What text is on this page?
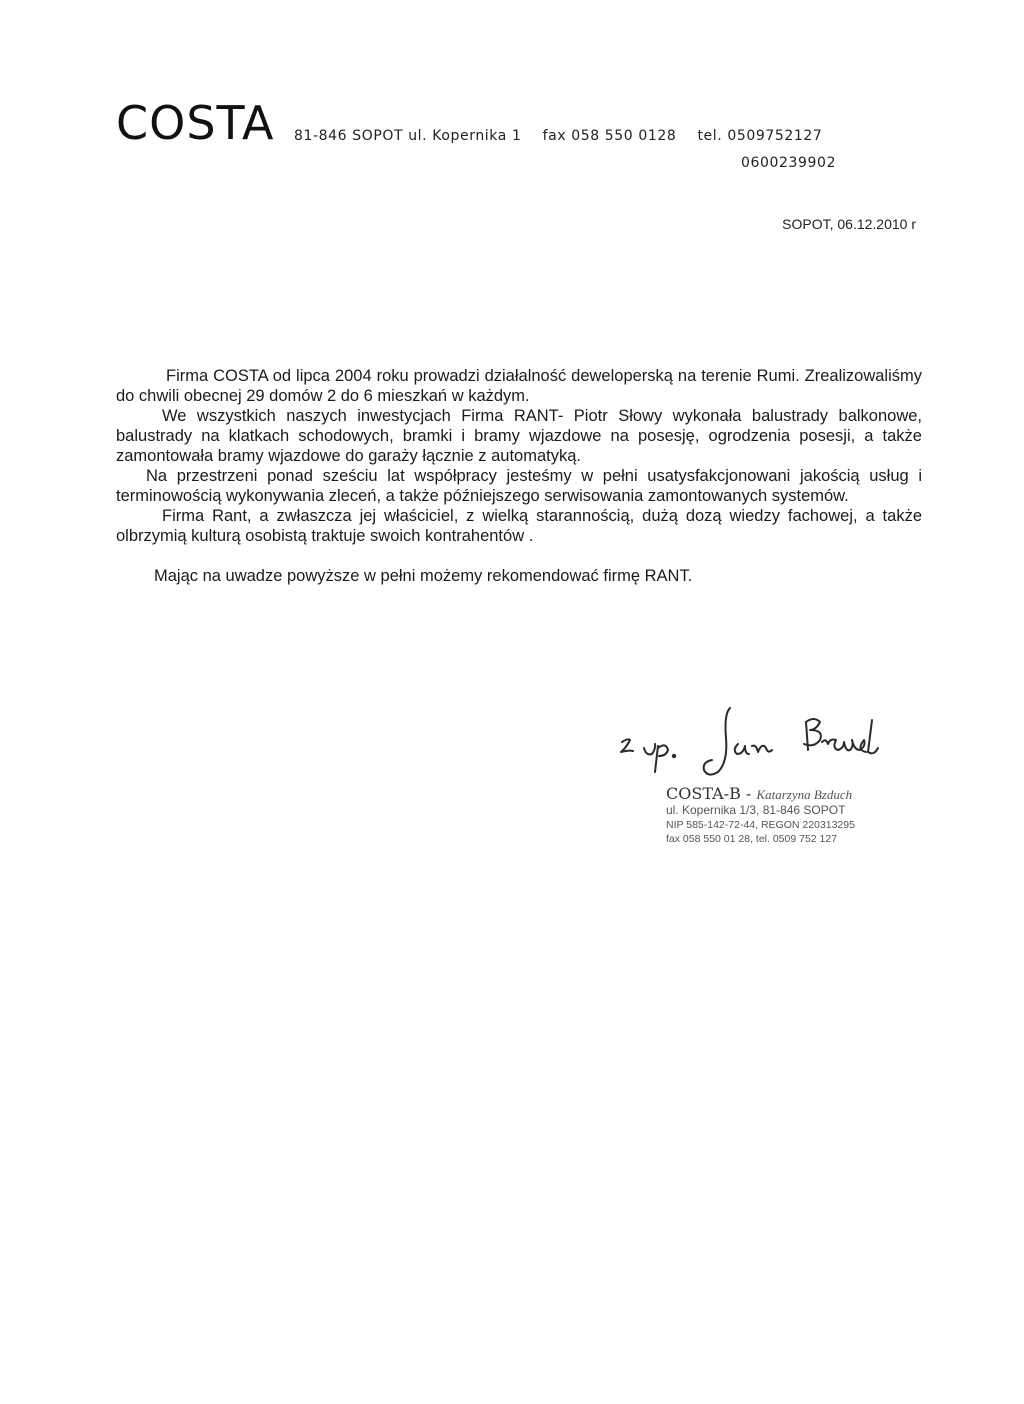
COSTA 81-846 SOPOT ul. Kopernika 1 fax 058 550 0128 tel. 0509752127
0600239902
SOPOT, 06.12.2010 r

Firma COSTA od lipca 2004 roku prowadzi działalność deweloperską na terenie Rumi. Zrealizowaliśmy do chwili obecnej 29 domów 2 do 6 mieszkań w każdym.

We wszystkich naszych inwestycjach Firma RANT- Piotr Słowy wykonała balustrady balkonowe, balustrady na klatkach schodowych, bramki i bramy wjazdowe na posesję, ogrodzenia posesji, a także zamontowała bramy wjazdowe do garaży łącznie z automatyką.

Na przestrzeni ponad sześciu lat współpracy jesteśmy w pełni usatysfakcjonowani jakością usług i terminowością wykonywania zleceń, a także późniejszego serwisowania zamontowanych systemów.

Firma Rant, a zwłaszcza jej właściciel, z wielką starannością, dużą dozą wiedzy fachowej, a także olbrzymią kulturą osobistą traktuje swoich kontrahentów .

Mając na uwadze powyższe w pełni możemy rekomendować firmę RANT.

COSTA-B - Katarzyna Bzduch
ul. Kopernika 1/3, 81-846 SOPOT
NIP 585-142-72-44, REGON 220313295
fax 058 550 01 28, tel. 0509 752 127
